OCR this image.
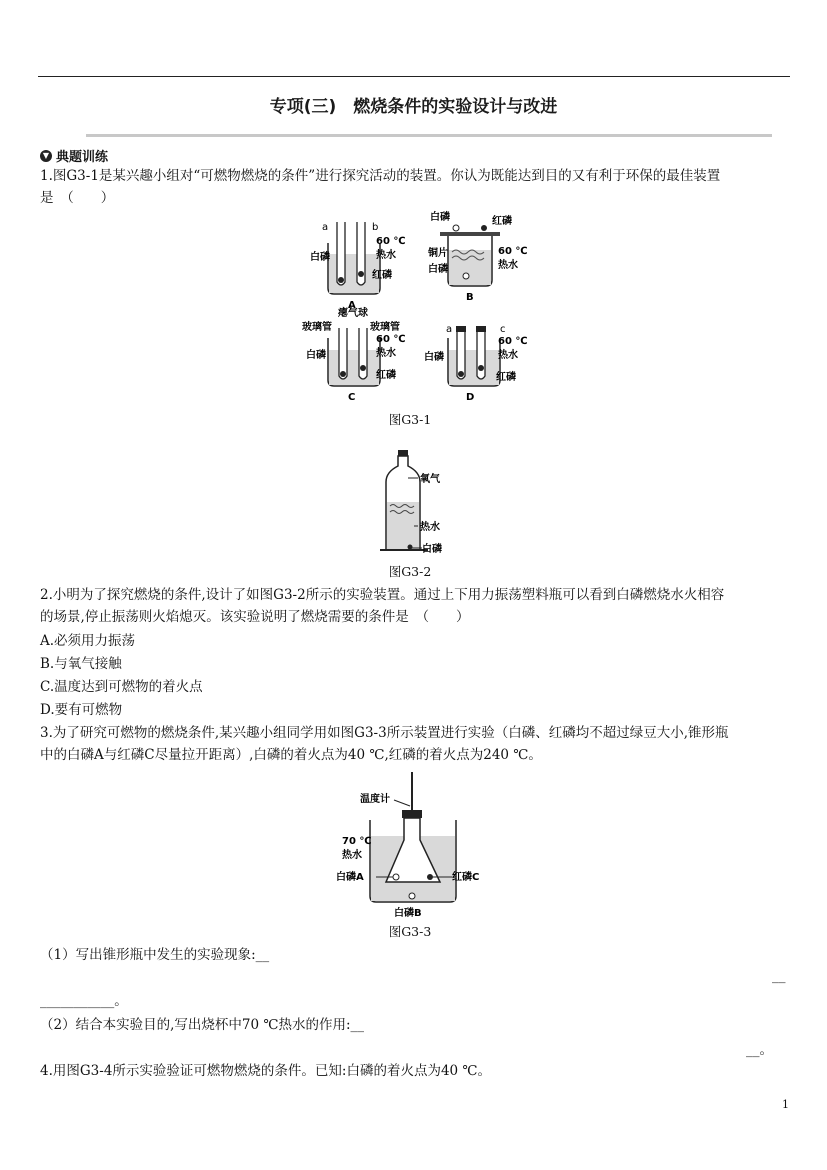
专项(三)　燃烧条件的实验设计与改进
▼ 典题训练
1.图G3-1是某兴趣小组对“可燃物燃烧的条件”进行探究活动的装置。你认为既能达到目的又有利于环保的最佳装置
是　（　　）
a	b
60 ℃
热水
白磷
红磷
A
白磷	红磷
铜片	60 ℃
热水
白磷
B
瘪气球
玻璃管	玻璃管
60 ℃
热水
白磷
红磷
C
a	c
60 ℃
热水
白磷
红磷
D
图G3-1
氧气
热水
白磷
图G3-2
2.小明为了探究燃烧的条件,设计了如图G3-2所示的实验装置。通过上下用力振荡塑料瓶可以看到白磷燃烧水火相容
的场景,停止振荡则火焰熄灭。该实验说明了燃烧需要的条件是　（　　）
A.必须用力振荡
B.与氧气接触
C.温度达到可燃物的着火点
D.要有可燃物
3.为了研究可燃物的燃烧条件,某兴趣小组同学用如图G3-3所示装置进行实验（白磷、红磷均不超过绿豆大小,锥形瓶
中的白磷A与红磷C尽量拉开距离）,白磷的着火点为40 ℃,红磷的着火点为240 ℃。
温度计
70 ℃
热水
白磷A	红磷C
白磷B
图G3-3
（1）写出锥形瓶中发生的实验现象:__
__
___________。
（2）结合本实验目的,写出烧杯中70 ℃热水的作用:__
__。
4.用图G3-4所示实验验证可燃物燃烧的条件。已知:白磷的着火点为40 ℃。
1
